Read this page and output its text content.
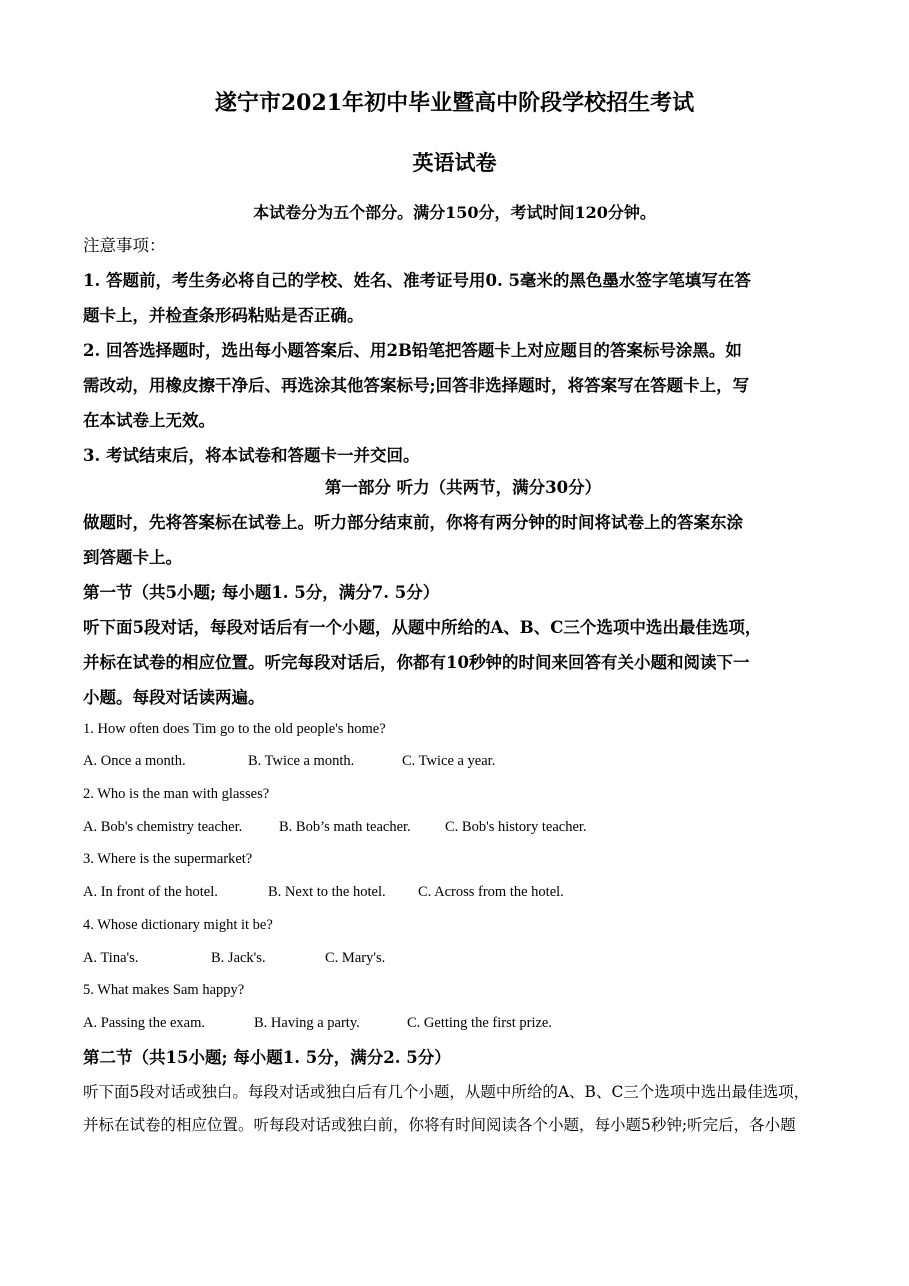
遂宁市2021年初中毕业暨高中阶段学校招生考试
英语试卷
本试卷分为五个部分。满分150分，考试时间120分钟。
注意事项：
1. 答题前，考生务必将自己的学校、姓名、准考证号用0. 5毫米的黑色墨水签字笔填写在答
题卡上，并检查条形码粘贴是否正确。
2. 回答选择题时，选出每小题答案后、用2B铅笔把答题卡上对应题目的答案标号涂黑。如
需改动，用橡皮擦干净后、再选涂其他答案标号;回答非选择题时，将答案写在答题卡上，写
在本试卷上无效。
3. 考试结束后，将本试卷和答题卡一并交回。
第一部分 听力（共两节，满分30分）
做题时，先将答案标在试卷上。听力部分结束前，你将有两分钟的时间将试卷上的答案东涂
到答题卡上。
第一节（共5小题; 每小题1. 5分，满分7. 5分）
听下面5段对话，每段对话后有一个小题，从题中所给的A、B、C三个选项中选出最佳选项，
并标在试卷的相应位置。听完每段对话后，你都有10秒钟的时间来回答有关小题和阅读下一
小题。每段对话读两遍。
1. How often does Tim go to the old people's home?
A. Once a month.	B. Twice a month.	C. Twice a year.
2. Who is the man with glasses?
A. Bob's chemistry teacher.	B. Bob’s math teacher. C. Bob's history teacher.
3. Where is the supermarket?
A. In front of the hotel.	B. Next to the hotel. C. Across from the hotel.
4. Whose dictionary might it be?
A. Tina's.	B. Jack's.	C. Mary's.
5. What makes Sam happy?
A. Passing the exam.	B. Having a party.	C. Getting the first prize.
第二节（共15小题; 每小题1. 5分，满分2. 5分）
听下面5段对话或独白。每段对话或独白后有几个小题，从题中所给的A、B、C三个选项中选出最佳选项，
并标在试卷的相应位置。听每段对话或独白前，你将有时间阅读各个小题，每小题5秒钟;听完后，各小题
